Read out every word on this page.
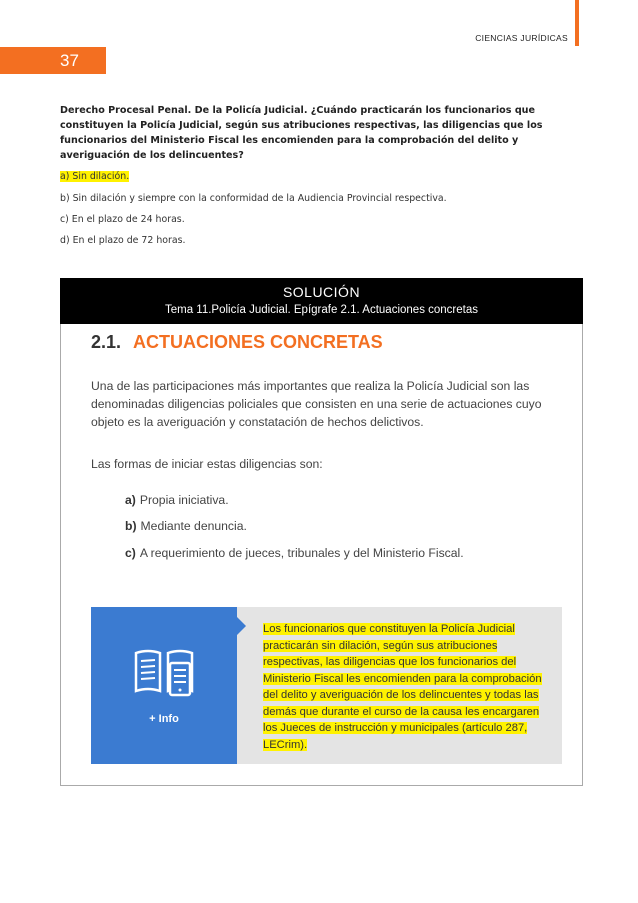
CIENCIAS JURÍDICAS
37
Derecho Procesal Penal. De la Policía Judicial. ¿Cuándo practicarán los funcionarios que constituyen la Policía Judicial, según sus atribuciones respectivas, las diligencias que los funcionarios del Ministerio Fiscal les encomienden para la comprobación del delito y averiguación de los delincuentes?
a) Sin dilación.
b) Sin dilación y siempre con la conformidad de la Audiencia Provincial respectiva.
c) En el plazo de 24 horas.
d) En el plazo de 72 horas.
SOLUCIÓN
Tema 11.Policía Judicial. Epígrafe 2.1. Actuaciones concretas
2.1. ACTUACIONES CONCRETAS
Una de las participaciones más importantes que realiza la Policía Judicial son las denominadas diligencias policiales que consisten en una serie de actuaciones cuyo objeto es la averiguación y constatación de hechos delictivos.
Las formas de iniciar estas diligencias son:
a) Propia iniciativa.
b) Mediante denuncia.
c) A requerimiento de jueces, tribunales y del Ministerio Fiscal.
+ Info
Los funcionarios que constituyen la Policía Judicial practicarán sin dilación, según sus atribuciones respectivas, las diligencias que los funcionarios del Ministerio Fiscal les encomienden para la comprobación del delito y averiguación de los delincuentes y todas las demás que durante el curso de la causa les encargaren los Jueces de instrucción y municipales (artículo 287, LECrim).
